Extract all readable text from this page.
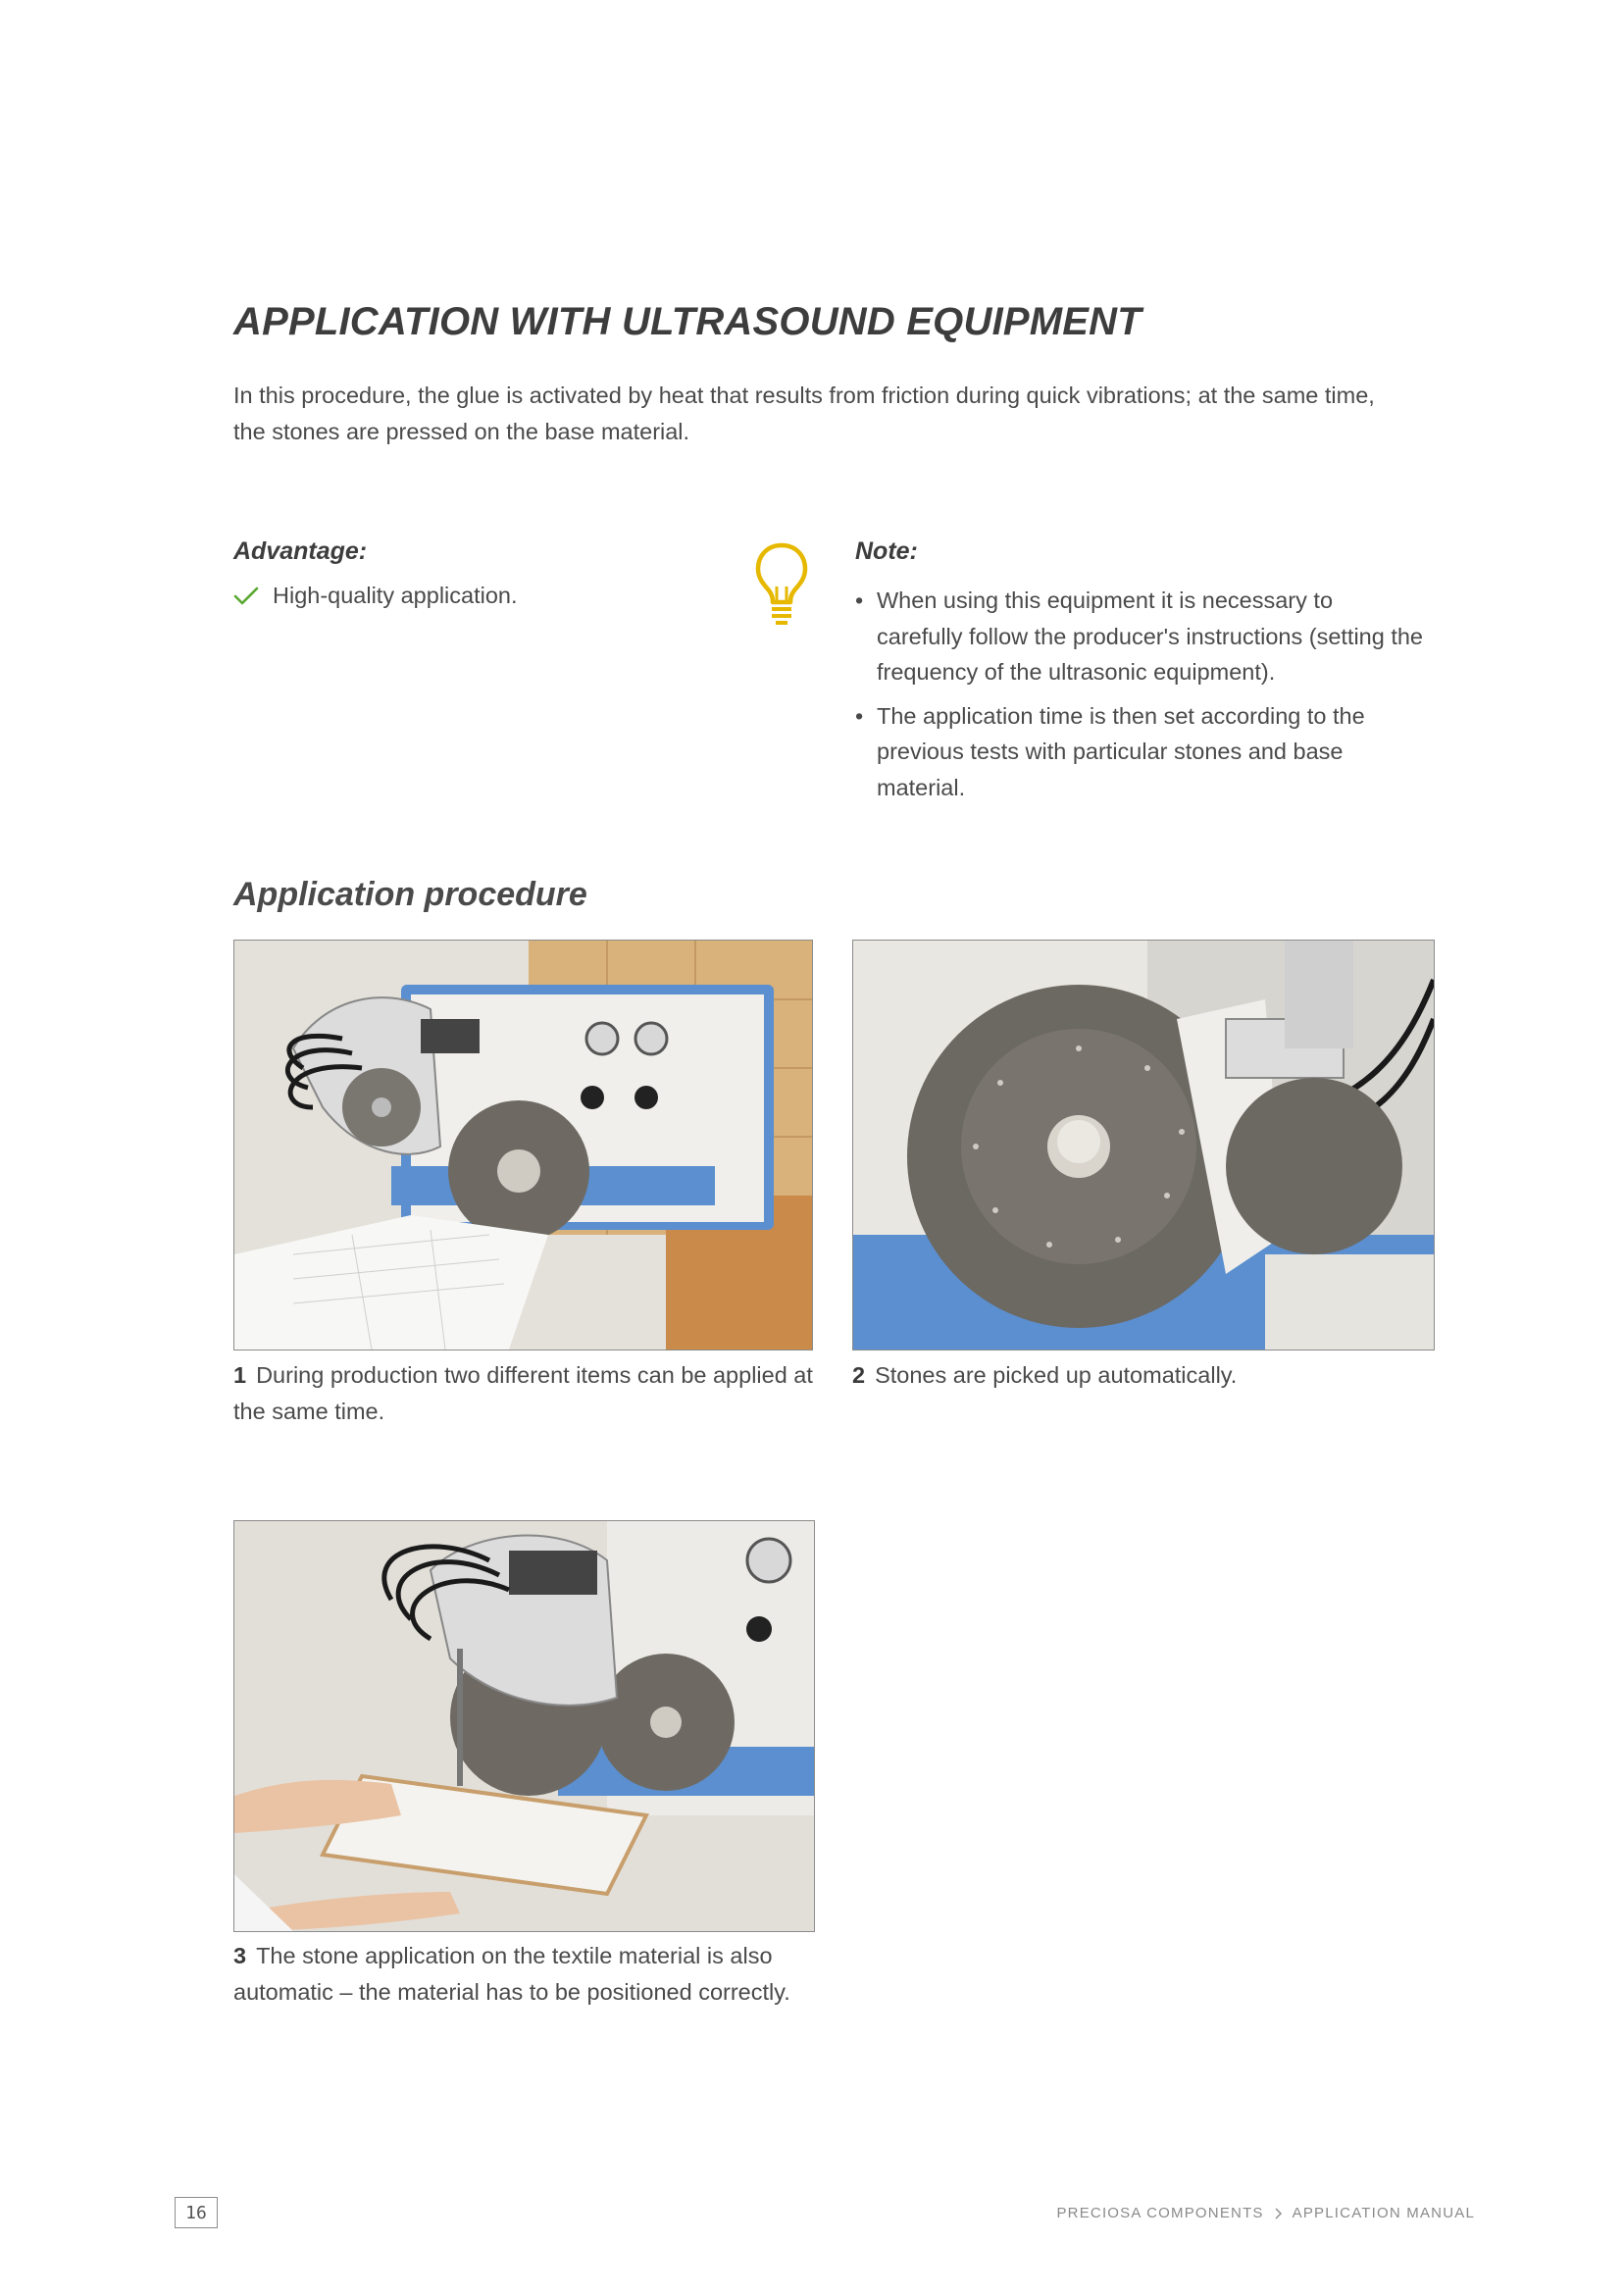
APPLICATION WITH ULTRASOUND EQUIPMENT

In this procedure, the glue is activated by heat that results from friction during quick vibrations; at the same time, the stones are pressed on the base material.

Advantage:
High-quality application.
Note:
• When using this equipment it is necessary to carefully follow the producer's instructions (setting the frequency of the ultrasonic equipment).
• The application time is then set according to the previous tests with particular stones and base material.
Application procedure

1 During production two different items can be applied at the same time.

2 Stones are picked up automatically.

3 The stone application on the textile material is also automatic – the material has to be positioned correctly.

16	PRECIOSA COMPONENTS APPLICATION MANUAL
